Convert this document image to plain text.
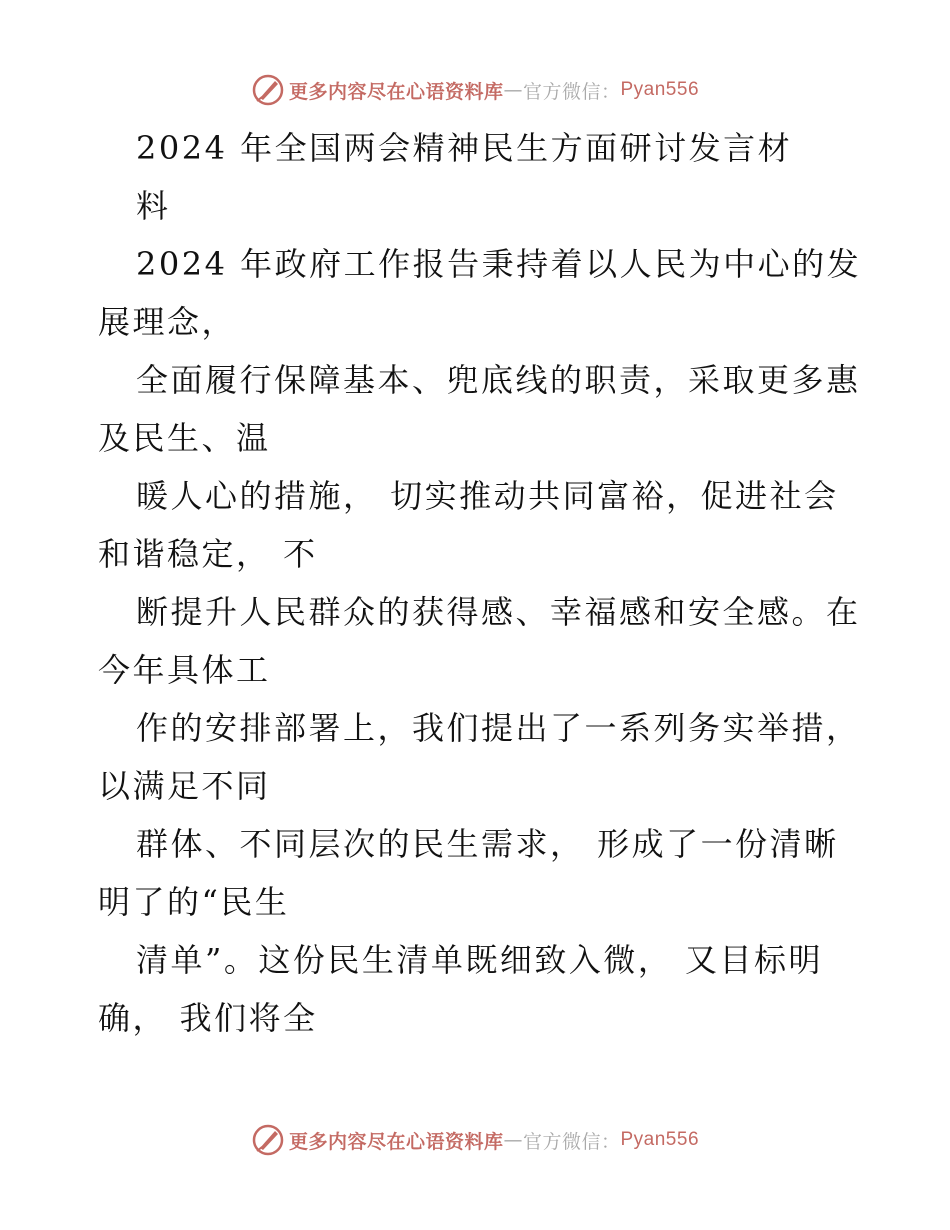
更多内容尽在心语资料库 — 官方微信： Pyan556
2024 年全国两会精神民生方面研讨发言材
料
2024 年政府工作报告秉持着以人民为中心的发
展理念，
全面履行保障基本、兜底线的职责，采取更多惠
及民生、温
暖人心的措施， 切实推动共同富裕，促进社会
和谐稳定， 不
断提升人民群众的获得感、幸福感和安全感。在
今年具体工
作的安排部署上，我们提出了一系列务实举措，
以满足不同
群体、不同层次的民生需求， 形成了一份清晰
明了的“民生
清单”。这份民生清单既细致入微， 又目标明
确， 我们将全
更多内容尽在心语资料库 — 官方微信： Pyan556
